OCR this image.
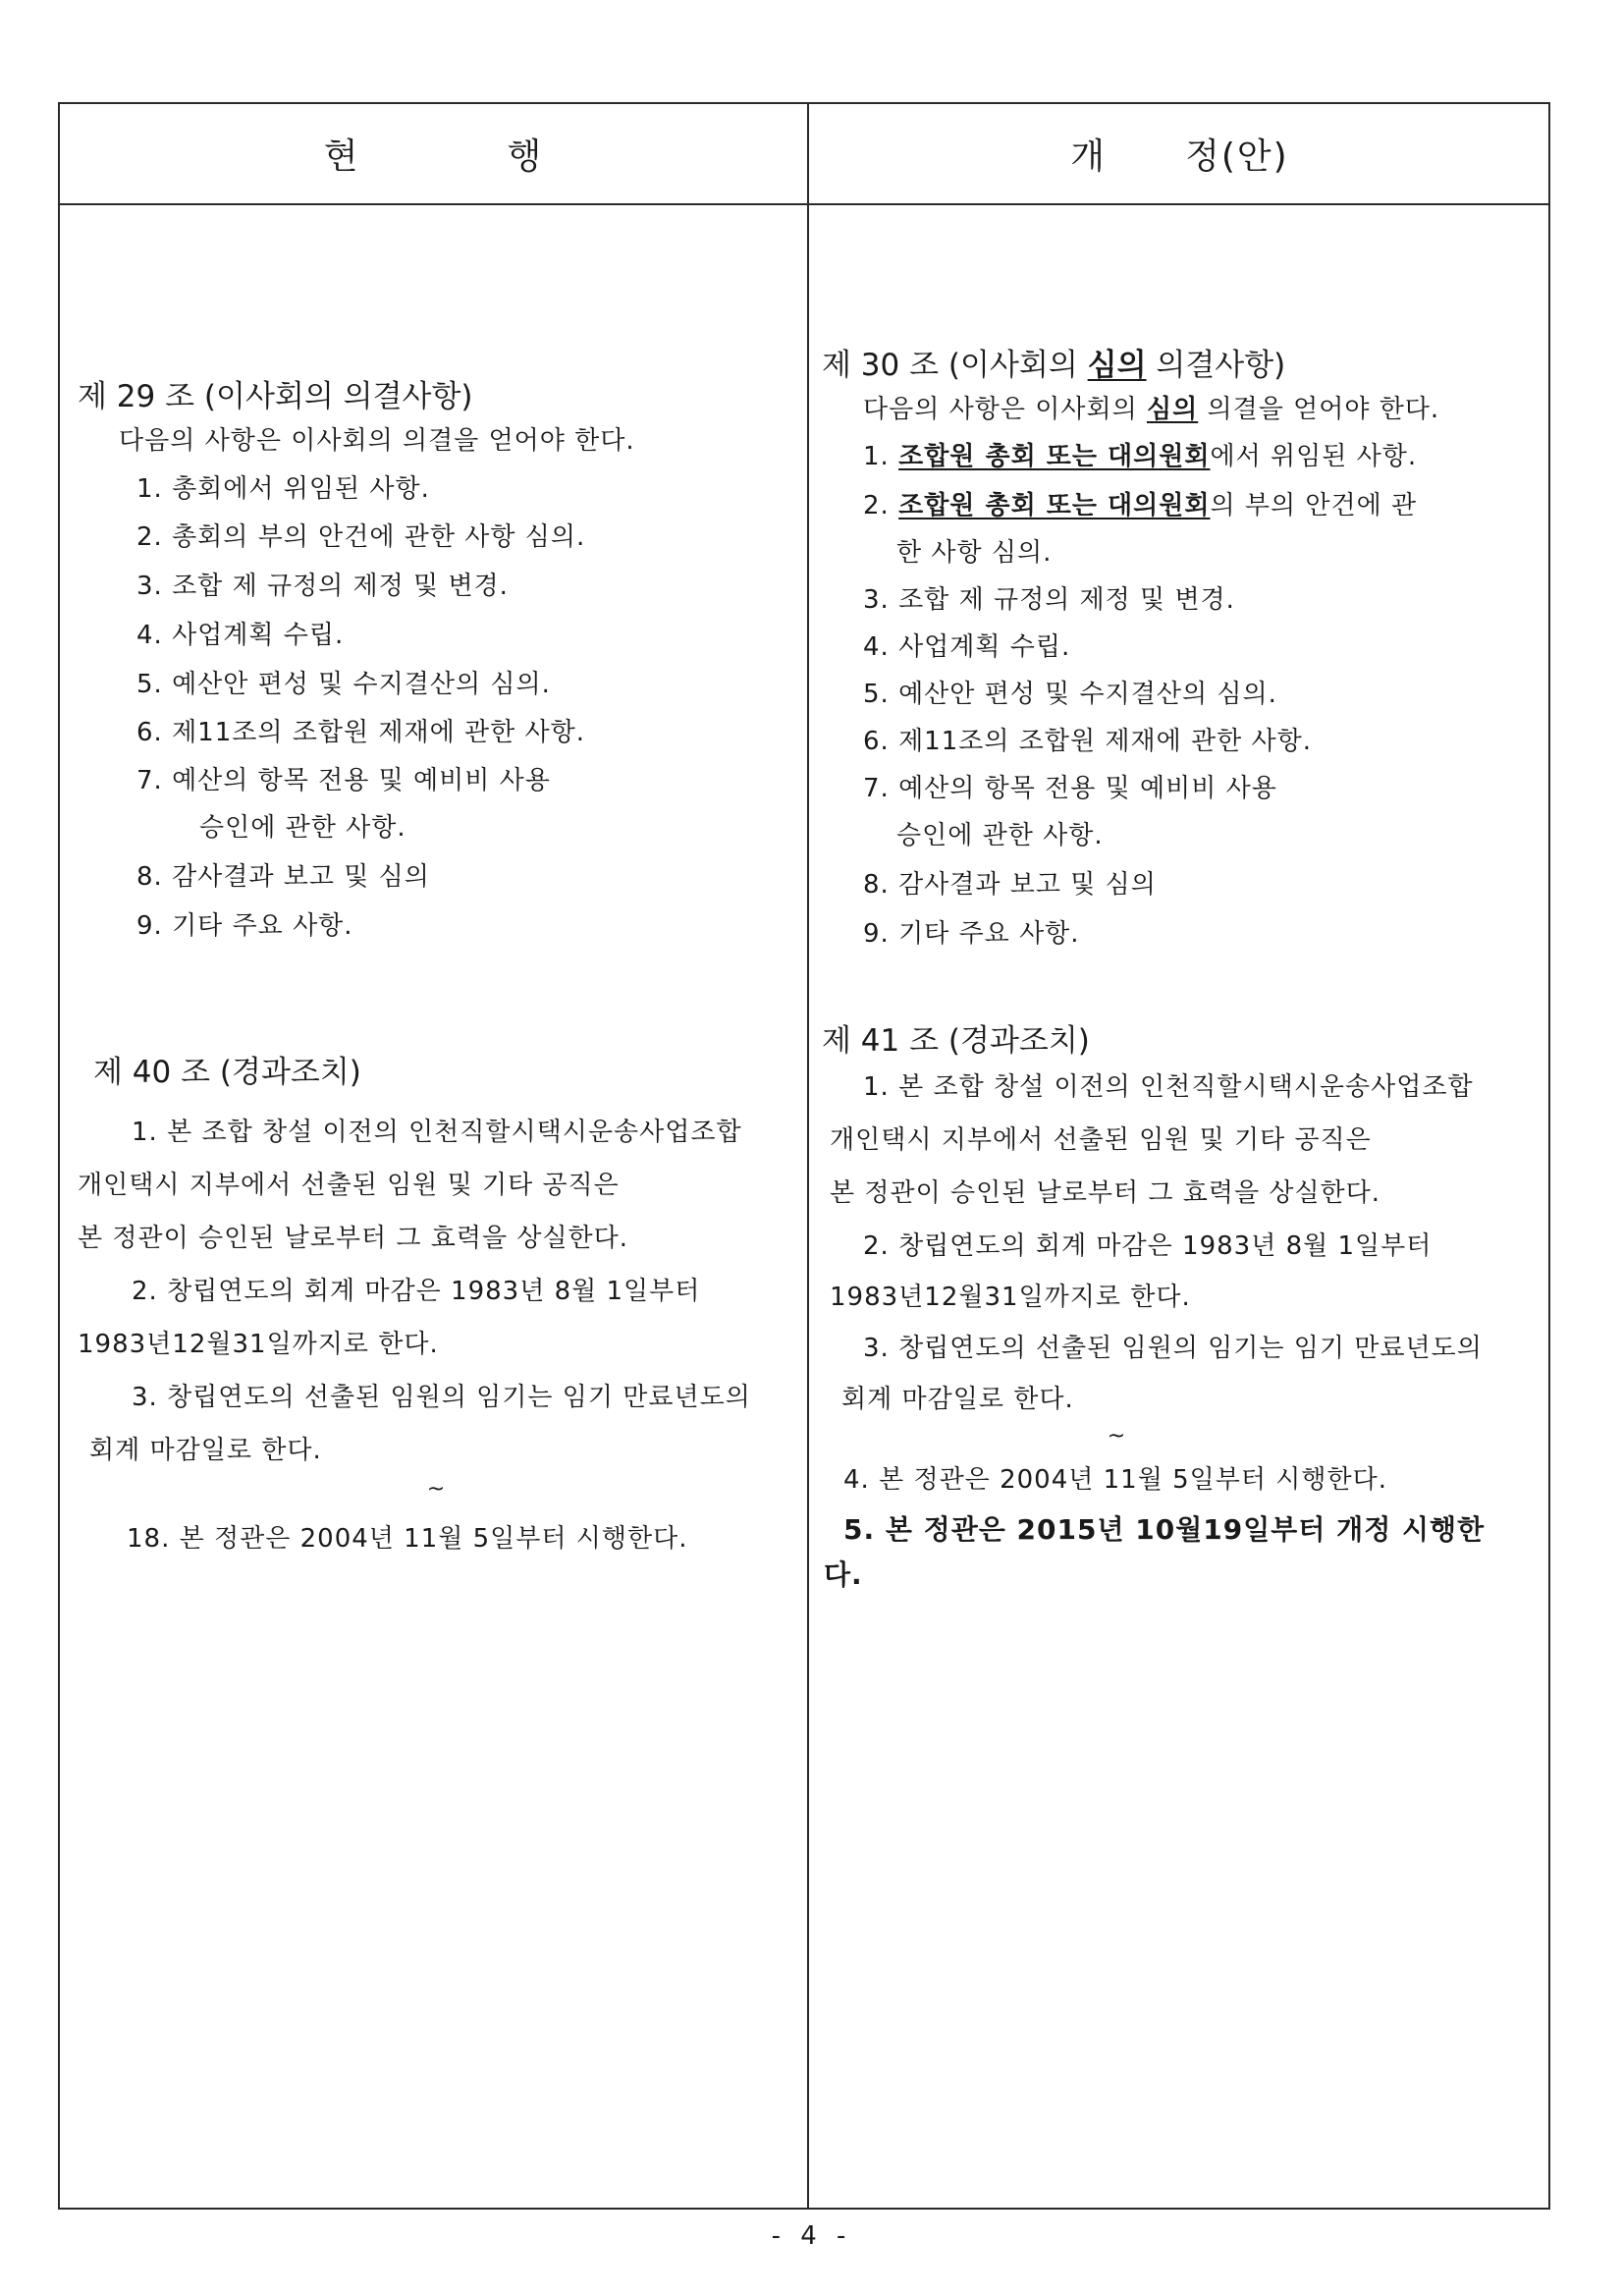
현	행	개 정(안)

제 29 조 (이사회의 의결사항)

다음의 사항은 이사회의 의결을 얻어야 한다.

1. 총회에서 위임된 사항.

2. 총회의 부의 안건에 관한 사항 심의.

3. 조합 제 규정의 제정 및 변경.

4. 사업계획 수립.

5. 예산안 편성 및 수지결산의 심의.

6. 제11조의 조합원 제재에 관한 사항.

7. 예산의 항목 전용 및 예비비 사용

승인에 관한 사항.

8. 감사결과 보고 및 심의

9. 기타 주요 사항.

제 40 조 (경과조치)

1. 본 조합 창설 이전의 인천직할시택시운송사업조합

개인택시 지부에서 선출된 임원 및 기타 공직은

본 정관이 승인된 날로부터 그 효력을 상실한다.

2. 창립연도의 회계 마감은 1983년 8월 1일부터

1983년12월31일까지로 한다.

3. 창립연도의 선출된 임원의 임기는 임기 만료년도의

회계 마감일로 한다.

~

18. 본 정관은 2004년 11월 5일부터 시행한다.

제 30 조 (이사회의 심의 의결사항)

다음의 사항은 이사회의 심의 의결을 얻어야 한다.

1. 조합원 총회 또는 대의원회에서 위임된 사항.

2. 조합원 총회 또는 대의원회의 부의 안건에 관

한 사항 심의.

3. 조합 제 규정의 제정 및 변경.

4. 사업계획 수립.

5. 예산안 편성 및 수지결산의 심의.

6. 제11조의 조합원 제재에 관한 사항.

7. 예산의 항목 전용 및 예비비 사용

승인에 관한 사항.

8. 감사결과 보고 및 심의

9. 기타 주요 사항.

제 41 조 (경과조치)

1. 본 조합 창설 이전의 인천직할시택시운송사업조합

개인택시 지부에서 선출된 임원 및 기타 공직은

본 정관이 승인된 날로부터 그 효력을 상실한다.

2. 창립연도의 회계 마감은 1983년 8월 1일부터

1983년12월31일까지로 한다.

3. 창립연도의 선출된 임원의 임기는 임기 만료년도의

회계 마감일로 한다.

~

4. 본 정관은 2004년 11월 5일부터 시행한다.

5. 본 정관은 2015년 10월19일부터 개정 시행한

다.

- 4 -
